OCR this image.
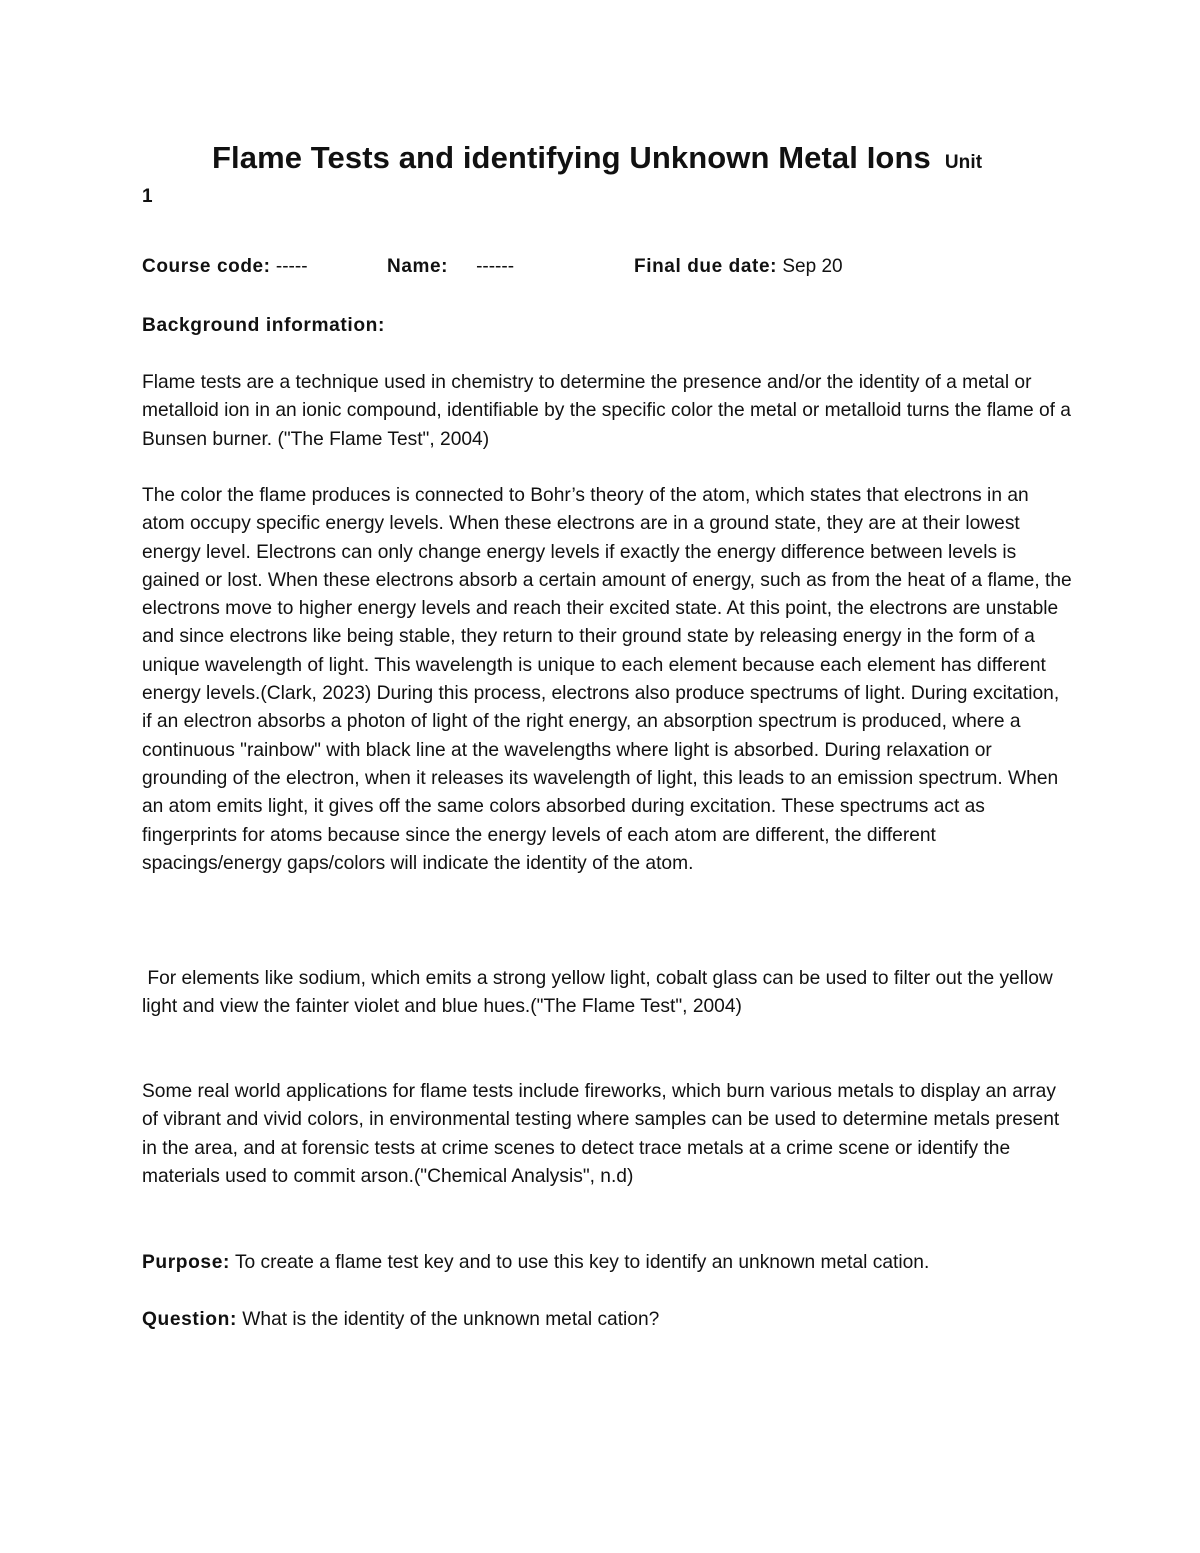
Flame Tests and identifying Unknown Metal Ions Unit
1
Course code: -----	Name: ------	Final due date: Sep 20
Background information:
Flame tests are a technique used in chemistry to determine the presence and/or the identity of a metal or metalloid ion in an ionic compound, identifiable by the specific color the metal or metalloid turns the flame of a Bunsen burner. ("The Flame Test", 2004)
The color the flame produces is connected to Bohr’s theory of the atom, which states that electrons in an atom occupy specific energy levels. When these electrons are in a ground state, they are at their lowest energy level. Electrons can only change energy levels if exactly the energy difference between levels is gained or lost. When these electrons absorb a certain amount of energy, such as from the heat of a flame, the electrons move to higher energy levels and reach their excited state. At this point, the electrons are unstable and since electrons like being stable, they return to their ground state by releasing energy in the form of a unique wavelength of light. This wavelength is unique to each element because each element has different energy levels.(Clark, 2023) During this process, electrons also produce spectrums of light. During excitation, if an electron absorbs a photon of light of the right energy, an absorption spectrum is produced, where a continuous "rainbow" with black line at the wavelengths where light is absorbed. During relaxation or grounding of the electron, when it releases its wavelength of light, this leads to an emission spectrum. When an atom emits light, it gives off the same colors absorbed during excitation. These spectrums act as fingerprints for atoms because since the energy levels of each atom are different, the different spacings/energy gaps/colors will indicate the identity of the atom.
For elements like sodium, which emits a strong yellow light, cobalt glass can be used to filter out the yellow light and view the fainter violet and blue hues.("The Flame Test", 2004)
Some real world applications for flame tests include fireworks, which burn various metals to display an array of vibrant and vivid colors, in environmental testing where samples can be used to determine metals present in the area, and at forensic tests at crime scenes to detect trace metals at a crime scene or identify the materials used to commit arson.("Chemical Analysis", n.d)
Purpose: To create a flame test key and to use this key to identify an unknown metal cation.
Question: What is the identity of the unknown metal cation?
